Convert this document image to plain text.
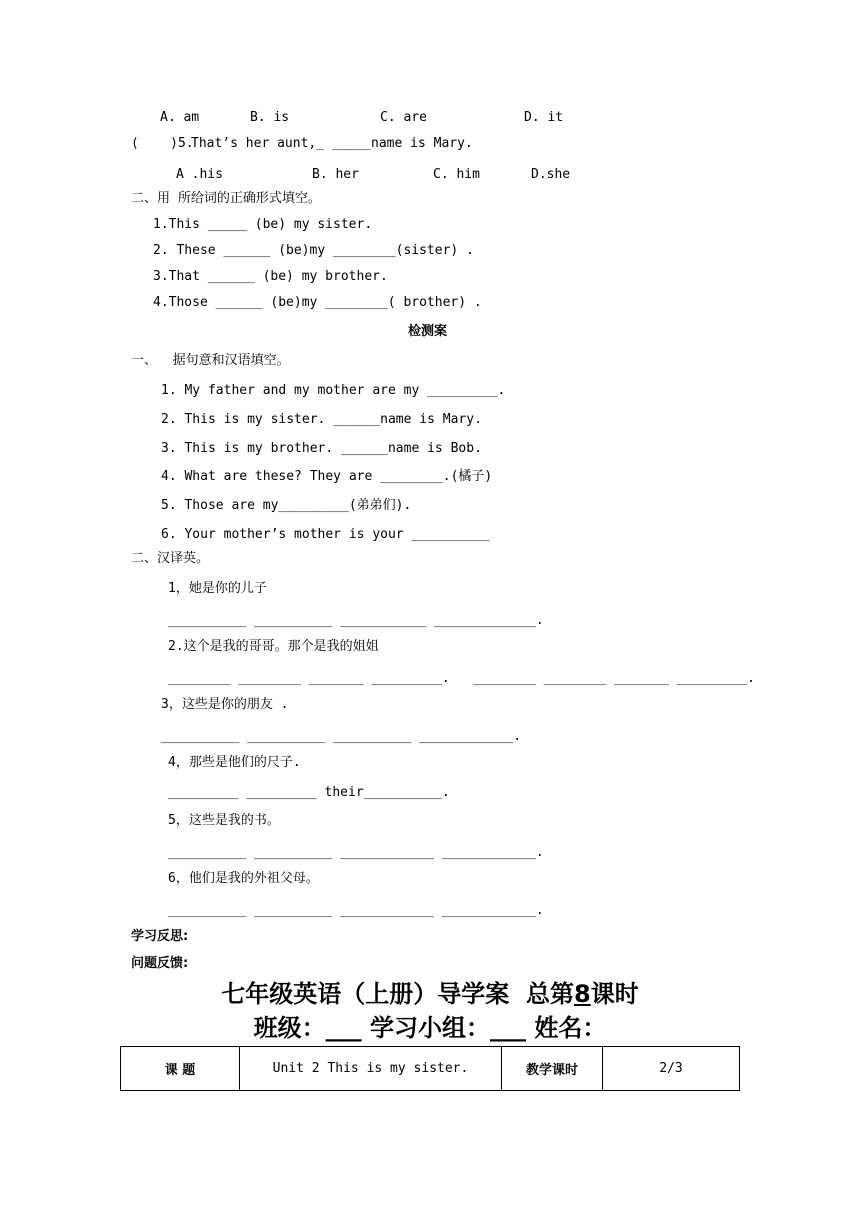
A. am	B. is	C. are	D. it
(    )5.
That’s her aunt,_ _____name is Mary.
A .his	B. her	C. him	D.she
二、用 所给词的正确形式填空。
1.This _____ (be) my sister.
2. These ______ (be)my ________(sister) .
3.That ______ (be) my brother.
4.Those ______ (be)my ________( brother) .
检测案
一、  据句意和汉语填空。
1. My father and my mother are my _________.
2. This is my sister. ______name is Mary.
3. This is my brother. ______name is Bob.
4. What are these? They are ________.(橘子)
5. Those are my_________(弟弟们).
6. Your mother’s mother is your __________
二、汉译英。
1，她是你的儿子
__________ __________ ___________ _____________.
2.这个是我的哥哥。那个是我的姐姐
________ ________ _______ _________.   ________ ________ _______ _________.
3，这些是你的朋友 .
__________ __________ __________ ____________.
4，那些是他们的尺子.
_________ _________ their__________.
5，这些是我的书。
__________ __________ ____________ ____________.
6，他们是我的外祖父母。
__________ __________ ____________ ____________.
学习反思:
问题反馈:
七年级英语（上册）导学案  总第8课时
班级：___ 学习小组：___ 姓名：
课 题	Unit 2 This is my sister.	教学课时	2/3
